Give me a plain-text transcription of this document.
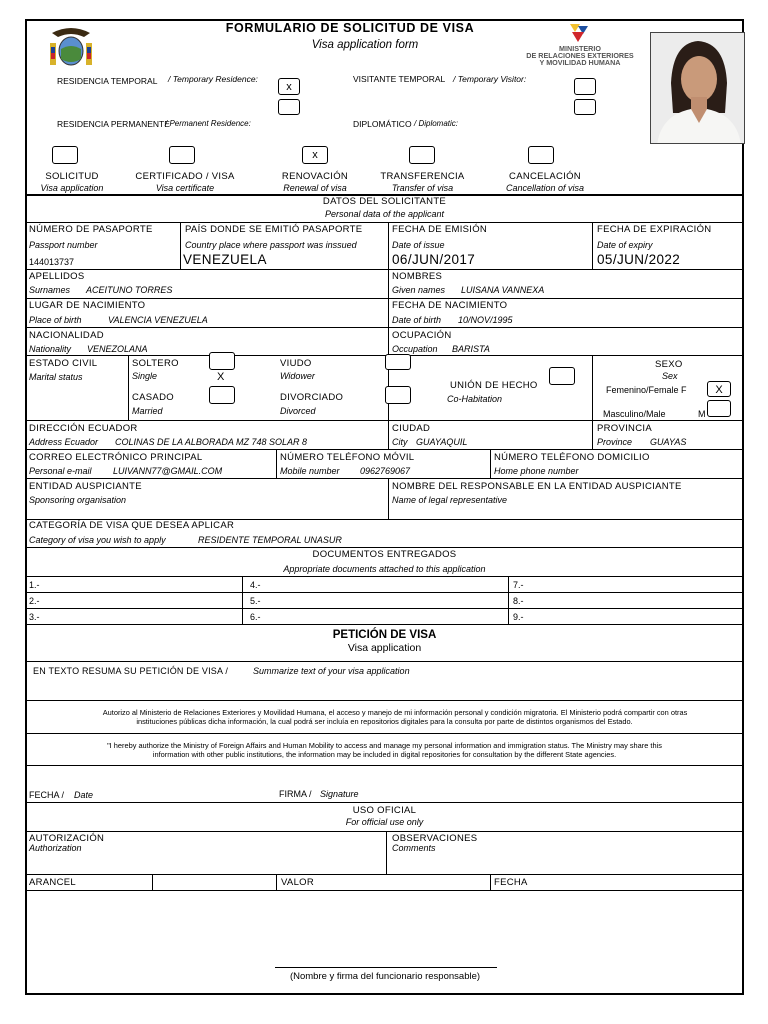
FORMULARIO DE SOLICITUD DE VISA
Visa application form	MINISTERIO
DE RELACIONES EXTERIORES
Y MOVILIDAD HUMANA
RESIDENCIA TEMPORAL / Temporary Residence:
x
VISITANTE TEMPORAL / Temporary Visitor:
RESIDENCIA PERMANENTE
/ Permanent Residence:	DIPLOMÁTICO / Diplomatic:
x
SOLICITUD
Visa application
CERTIFICADO / VISA
Visa certificate
RENOVACIÓN
Renewal of visa
TRANSFERENCIA
Transfer of visa
CANCELACIÓN
Cancellation of visa
DATOS DEL SOLICITANTE
Personal data of the applicant
NÚMERO DE PASAPORTE
Passport number
144013737
PAÍS DONDE SE EMITIÓ PASAPORTE
Country place where passport was inssued
VENEZUELA
FECHA DE EMISIÓN
Date of issue
06/JUN/2017
FECHA DE EXPIRACIÓN
Date of expiry
05/JUN/2022
APELLIDOS
Surnames ACEITUNO TORRES
NOMBRES
Given names LUISANA VANNEXA
LUGAR DE NACIMIENTO
Place of birth	VALENCIA VENEZUELA
FECHA DE NACIMIENTO
Date of birth 10/NOV/1995
NACIONALIDAD
Nationality VENEZOLANA
OCUPACIÓN
Occupation BARISTA
ESTADO CIVIL
Marital status
SOLTERO
Single	X
CASADO
Married
VIUDO
Widower
DIVORCIADO
Divorced
UNIÓN DE HECHO
Co-Habitation
SEXO
Sex
Femenino/Female F	X
Masculino/Male	M
DIRECCIÓN ECUADOR
Address Ecuador COLINAS DE LA ALBORADA MZ 748 SOLAR 8
CIUDAD
City GUAYAQUIL
PROVINCIA
Province GUAYAS
CORREO ELECTRÓNICO PRINCIPAL
Personal e-mail LUIVANN77@GMAIL.COM
NÚMERO TELÉFONO MÓVIL
Mobile number 0962769067
NÚMERO TELÉFONO DOMICILIO
Home phone number
ENTIDAD AUSPICIANTE
Sponsoring organisation
NOMBRE DEL RESPONSABLE EN LA ENTIDAD AUSPICIANTE
Name of legal representative
CATEGORÍA DE VISA QUE DESEA APLICAR
Category of visa you wish to apply	RESIDENTE TEMPORAL UNASUR
DOCUMENTOS ENTREGADOS
Appropriate documents attached to this application
1.-
2.-
3.-
4.-
5.-
6.-
7.-
8.-
9.-
PETICIÓN DE VISA
Visa application
EN TEXTO RESUMA SU PETICIÓN DE VISA /	Summarize text of your visa application
Autorizo al Ministerio de Relaciones Exteriores y Movilidad Humana, el acceso y manejo de mi información personal y condición migratoria. El Ministerio podrá compartir con otras
instituciones públicas dicha información, la cual podrá ser incluía en repositorios digitales para la consulta por parte de distintos organismos del Estado.
"I hereby authorize the Ministry of Foreign Affairs and Human Mobility to access and manage my personal information and immigration status. The Ministry may share this
information with other public institutions, the information may be included in digital repositories for consultation by the different State agencies.
FECHA / Date	FIRMA / Signature
USO OFICIAL
For official use only
AUTORIZACIÓN
Authorization
OBSERVACIONES
Comments
ARANCEL	VALOR	FECHA
(Nombre y firma del funcionario responsable)
